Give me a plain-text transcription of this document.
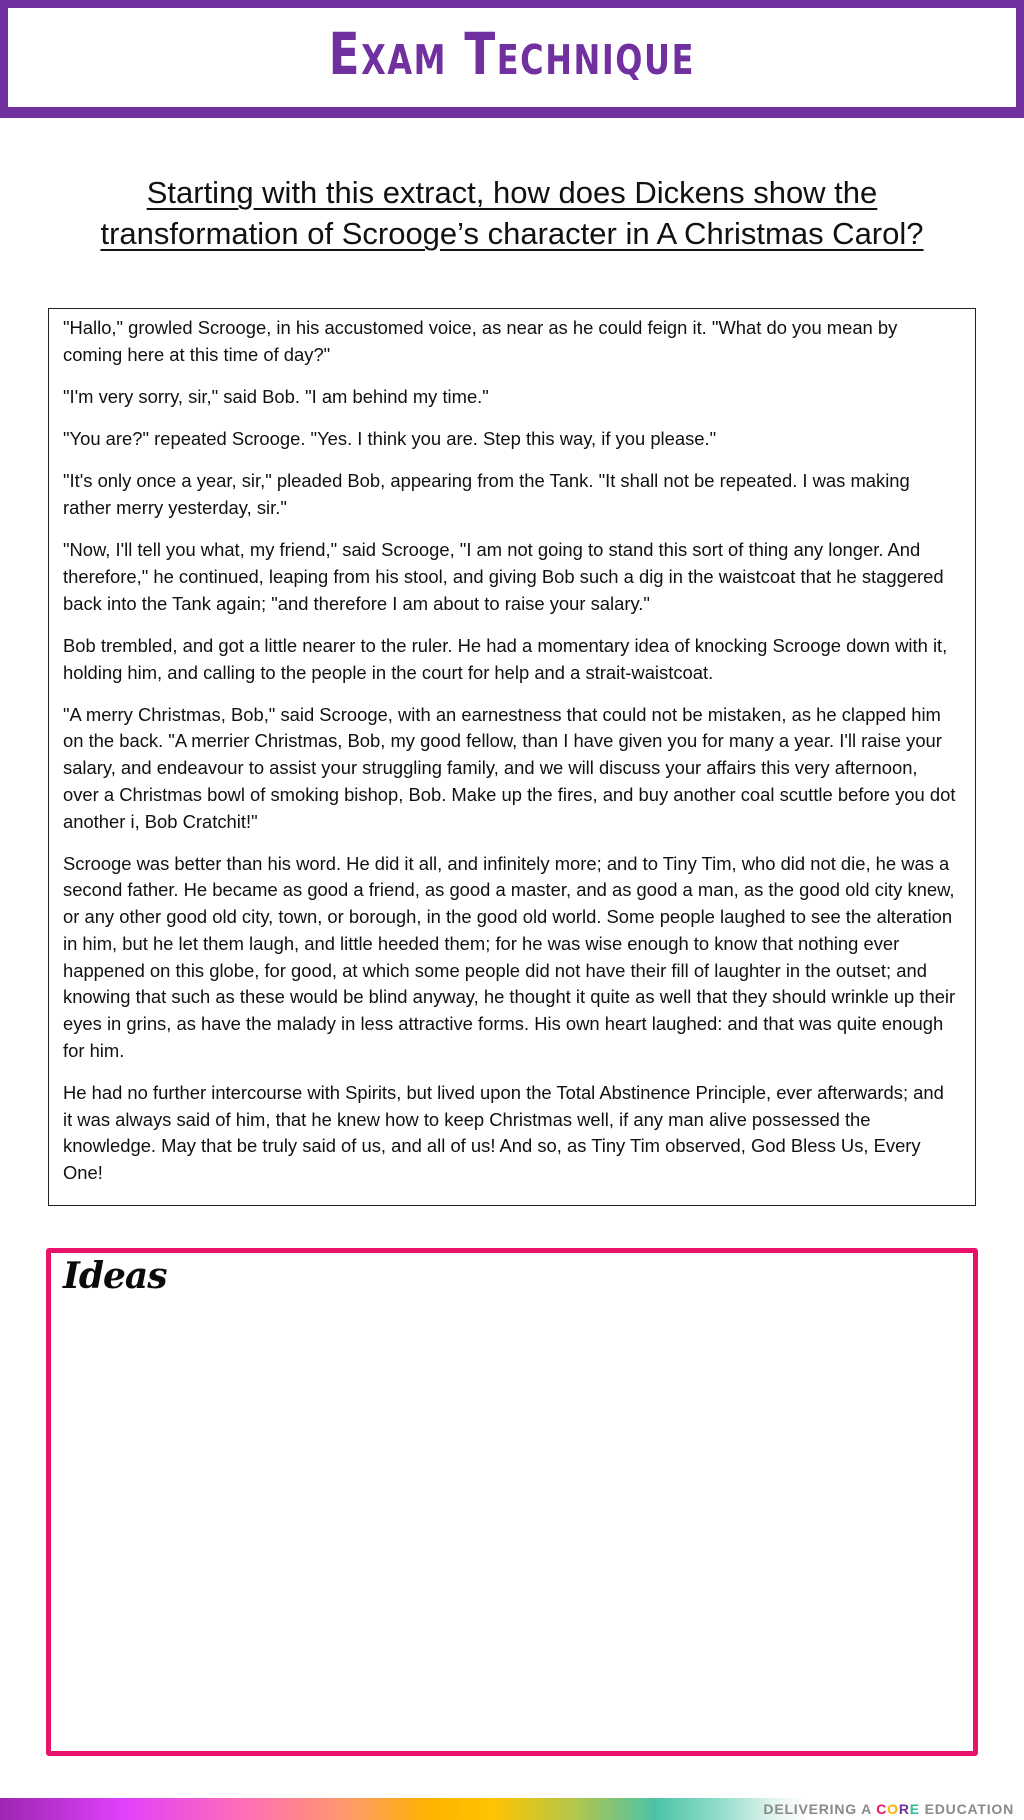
Exam Technique
Starting with this extract, how does Dickens show the transformation of Scrooge’s character in A Christmas Carol?

"Hallo," growled Scrooge, in his accustomed voice, as near as he could feign it. "What do you mean by coming here at this time of day?"

"I'm very sorry, sir," said Bob. "I am behind my time."

"You are?" repeated Scrooge. "Yes. I think you are. Step this way, if you please."

"It's only once a year, sir," pleaded Bob, appearing from the Tank. "It shall not be repeated. I was making rather merry yesterday, sir."

"Now, I'll tell you what, my friend," said Scrooge, "I am not going to stand this sort of thing any longer. And therefore," he continued, leaping from his stool, and giving Bob such a dig in the waistcoat that he staggered back into the Tank again; "and therefore I am about to raise your salary."

Bob trembled, and got a little nearer to the ruler. He had a momentary idea of knocking Scrooge down with it, holding him, and calling to the people in the court for help and a strait-waistcoat.

"A merry Christmas, Bob," said Scrooge, with an earnestness that could not be mistaken, as he clapped him on the back. "A merrier Christmas, Bob, my good fellow, than I have given you for many a year. I'll raise your salary, and endeavour to assist your struggling family, and we will discuss your affairs this very afternoon, over a Christmas bowl of smoking bishop, Bob. Make up the fires, and buy another coal scuttle before you dot another i, Bob Cratchit!"

Scrooge was better than his word. He did it all, and infinitely more; and to Tiny Tim, who did not die, he was a second father. He became as good a friend, as good a master, and as good a man, as the good old city knew, or any other good old city, town, or borough, in the good old world. Some people laughed to see the alteration in him, but he let them laugh, and little heeded them; for he was wise enough to know that nothing ever happened on this globe, for good, at which some people did not have their fill of laughter in the outset; and knowing that such as these would be blind anyway, he thought it quite as well that they should wrinkle up their eyes in grins, as have the malady in less attractive forms. His own heart laughed: and that was quite enough for him.

He had no further intercourse with Spirits, but lived upon the Total Abstinence Principle, ever afterwards; and it was always said of him, that he knew how to keep Christmas well, if any man alive possessed the knowledge. May that be truly said of us, and all of us! And so, as Tiny Tim observed, God Bless Us, Every One!

Ideas
DELIVERING A CORE EDUCATION
